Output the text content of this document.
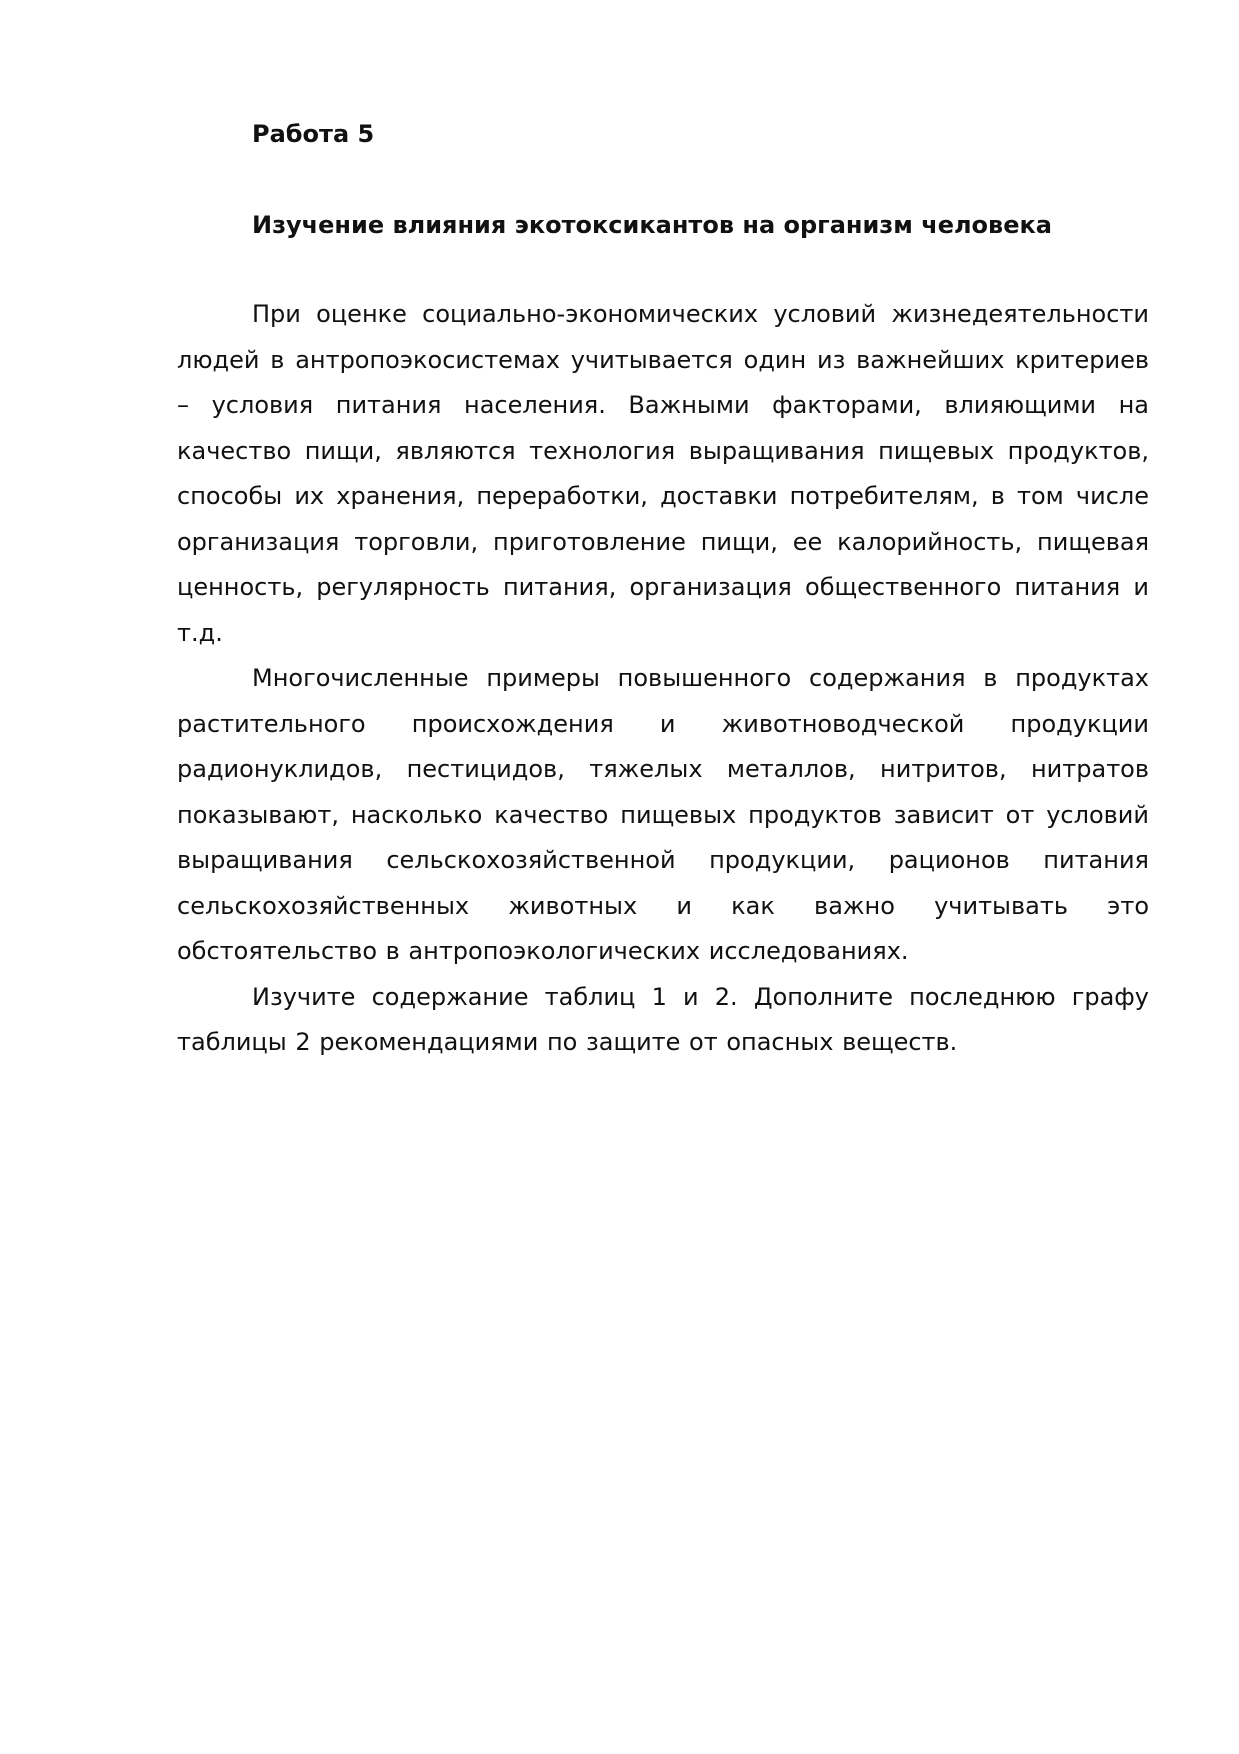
Работа 5
Изучение влияния экотоксикантов на организм человека

При оценке социально-экономических условий жизнедеятельности людей в антропоэкосистемах учитывается один из важнейших критериев – условия питания населения. Важными факторами, влияющими на качество пищи, являются технология выращивания пищевых продуктов, способы их хранения, переработки, доставки потребителям, в том числе организация торговли, приготовление пищи, ее калорийность, пищевая ценность, регулярность питания, организация общественного питания и т.д.

Многочисленные примеры повышенного содержания в продуктах растительного происхождения и животноводческой продукции радионуклидов, пестицидов, тяжелых металлов, нитритов, нитратов показывают, насколько качество пищевых продуктов зависит от условий выращивания сельскохозяйственной продукции, рационов питания сельскохозяйственных животных и как важно учитывать это обстоятельство в антропоэкологических исследованиях.

Изучите содержание таблиц 1 и 2. Дополните последнюю графу таблицы 2 рекомендациями по защите от опасных веществ.
